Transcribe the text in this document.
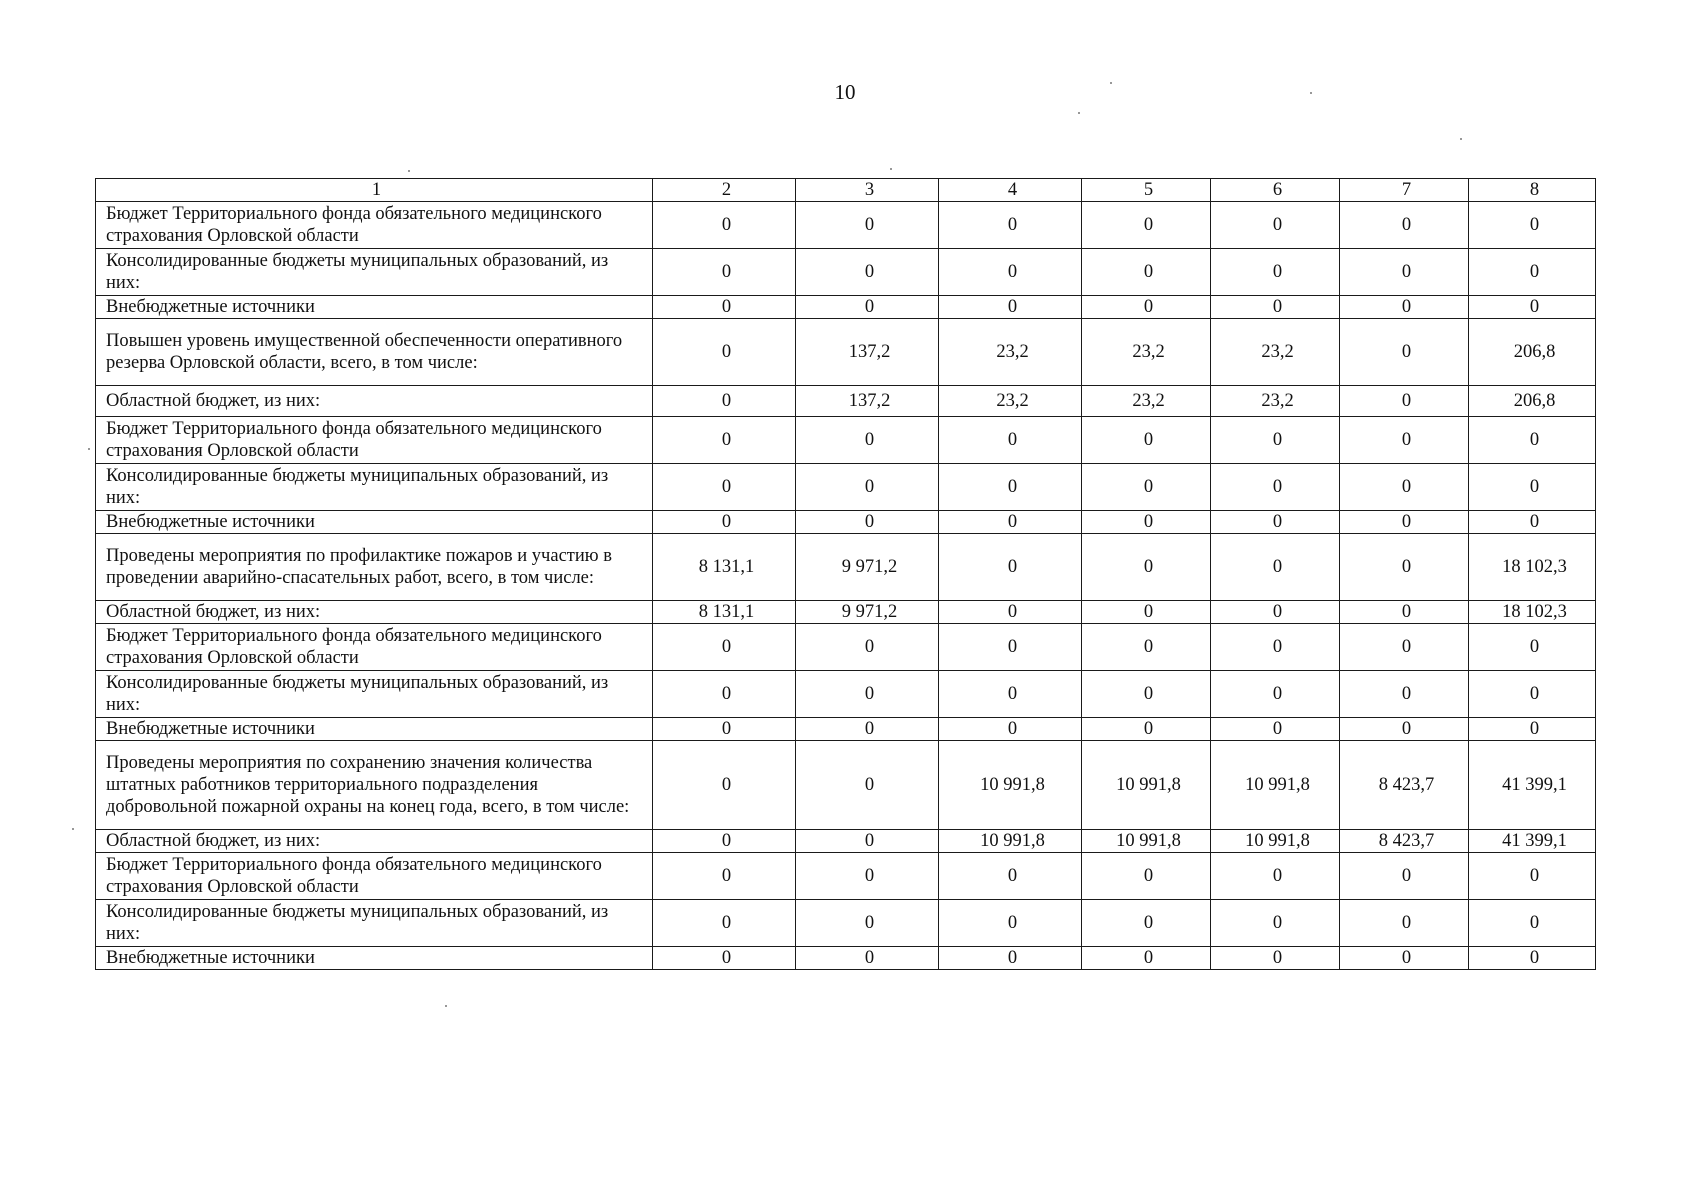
10
1	2	3	4	5	6	7	8
Бюджет Территориального фонда обязательного медицинского страхования Орловской области	0	0	0	0	0	0	0
Консолидированные бюджеты муниципальных образований, из них:	0	0	0	0	0	0	0
Внебюджетные источники	0	0	0	0	0	0	0
Повышен уровень имущественной обеспеченности оперативного резерва Орловской области, всего, в том числе:	0	137,2	23,2	23,2	23,2	0	206,8
Областной бюджет, из них:	0	137,2	23,2	23,2	23,2	0	206,8
Бюджет Территориального фонда обязательного медицинского страхования Орловской области	0	0	0	0	0	0	0
Консолидированные бюджеты муниципальных образований, из них:	0	0	0	0	0	0	0
Внебюджетные источники	0	0	0	0	0	0	0
Проведены мероприятия по профилактике пожаров и участию в проведении аварийно-спасательных работ, всего, в том числе:	8 131,1	9 971,2	0	0	0	0	18 102,3
Областной бюджет, из них:	8 131,1	9 971,2	0	0	0	0	18 102,3
Бюджет Территориального фонда обязательного медицинского страхования Орловской области	0	0	0	0	0	0	0
Консолидированные бюджеты муниципальных образований, из них:	0	0	0	0	0	0	0
Внебюджетные источники	0	0	0	0	0	0	0
Проведены мероприятия по сохранению значения количества штатных работников территориального подразделения добровольной пожарной охраны на конец года, всего, в том числе:	0	0	10 991,8	10 991,8	10 991,8	8 423,7	41 399,1
Областной бюджет, из них:	0	0	10 991,8	10 991,8	10 991,8	8 423,7	41 399,1
Бюджет Территориального фонда обязательного медицинского страхования Орловской области	0	0	0	0	0	0	0
Консолидированные бюджеты муниципальных образований, из них:	0	0	0	0	0	0	0
Внебюджетные источники	0	0	0	0	0	0	0
